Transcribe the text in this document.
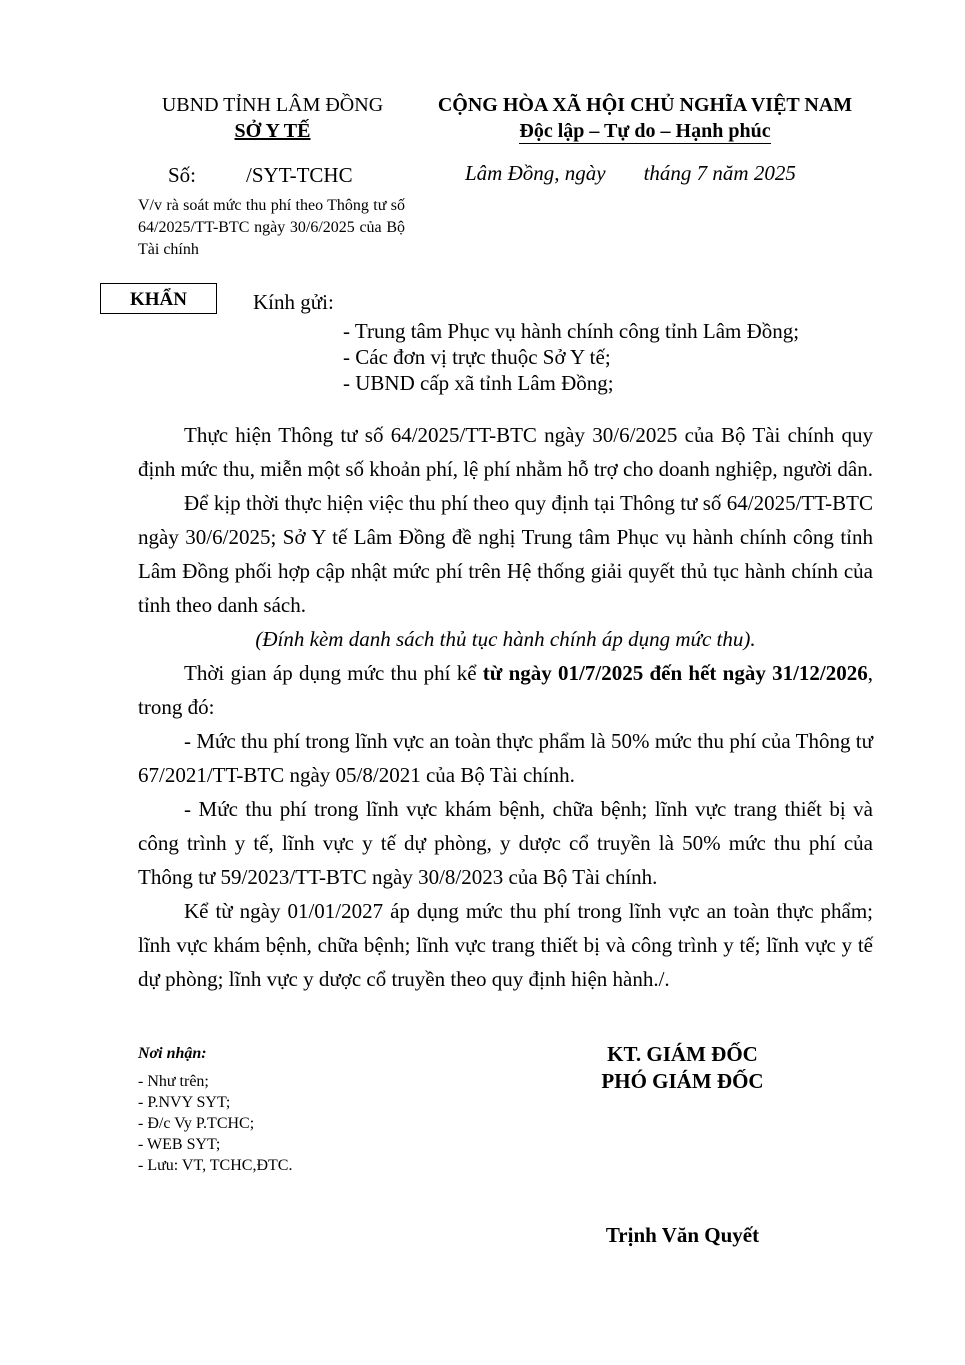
UBND TỈNH LÂM ĐỒNG
SỞ Y TẾ
CỘNG HÒA XÃ HỘI CHỦ NGHĨA VIỆT NAM
Độc lập – Tự do – Hạnh phúc
Số: /SYT-TCHC	Lâm Đồng, ngày tháng 7 năm 2025
V/v rà soát mức thu phí theo Thông tư số 64/2025/TT-BTC ngày 30/6/2025 của Bộ Tài chính
KHẨN	Kính gửi:
- Trung tâm Phục vụ hành chính công tỉnh Lâm Đồng;
- Các đơn vị trực thuộc Sở Y tế;
- UBND cấp xã tỉnh Lâm Đồng;

Thực hiện Thông tư số 64/2025/TT-BTC ngày 30/6/2025 của Bộ Tài chính quy định mức thu, miễn một số khoản phí, lệ phí nhằm hỗ trợ cho doanh nghiệp, người dân.

Để kịp thời thực hiện việc thu phí theo quy định tại Thông tư số 64/2025/TT-BTC ngày 30/6/2025; Sở Y tế Lâm Đồng đề nghị Trung tâm Phục vụ hành chính công tỉnh Lâm Đồng phối hợp cập nhật mức phí trên Hệ thống giải quyết thủ tục hành chính của tỉnh theo danh sách.

(Đính kèm danh sách thủ tục hành chính áp dụng mức thu).

Thời gian áp dụng mức thu phí kể từ ngày 01/7/2025 đến hết ngày 31/12/2026, trong đó:

- Mức thu phí trong lĩnh vực an toàn thực phẩm là 50% mức thu phí của Thông tư 67/2021/TT-BTC ngày 05/8/2021 của Bộ Tài chính.

- Mức thu phí trong lĩnh vực khám bệnh, chữa bệnh; lĩnh vực trang thiết bị và công trình y tế, lĩnh vực y tế dự phòng, y dược cổ truyền là 50% mức thu phí của Thông tư 59/2023/TT-BTC ngày 30/8/2023 của Bộ Tài chính.

Kể từ ngày 01/01/2027 áp dụng mức thu phí trong lĩnh vực an toàn thực phẩm; lĩnh vực khám bệnh, chữa bệnh; lĩnh vực trang thiết bị và công trình y tế; lĩnh vực y tế dự phòng; lĩnh vực y dược cổ truyền theo quy định hiện hành./.

Nơi nhận:
- Như trên;
- P.NVY SYT;
- Đ/c Vy P.TCHC;
- WEB SYT;
- Lưu: VT, TCHC,ĐTC.
KT. GIÁM ĐỐC
PHÓ GIÁM ĐỐC
Trịnh Văn Quyết
